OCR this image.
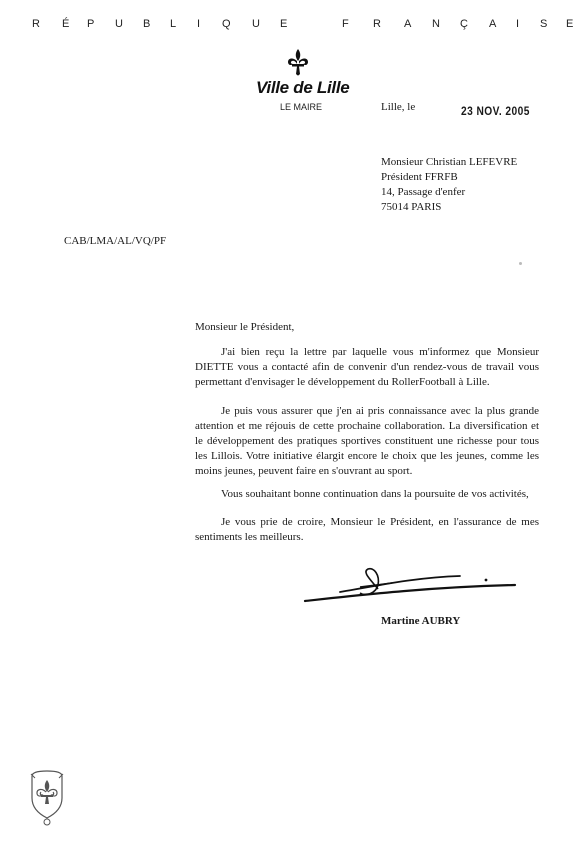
R É P U B L I Q U E	F R A N Ç A I S E
Ville de Lille
LE MAIRE	Lille, le	23 NOV. 2005
Monsieur Christian LEFEVRE
Président FFRFB
14, Passage d'enfer
75014 PARIS
CAB/LMA/AL/VQ/PF
Monsieur le Président,
J'ai bien reçu la lettre par laquelle vous m'informez que Monsieur DIETTE vous a contacté afin de convenir d'un rendez-vous de travail vous permettant d'envisager le développement du RollerFootball à Lille.
Je puis vous assurer que j'en ai pris connaissance avec la plus grande attention et me réjouis de cette prochaine collaboration. La diversification et le développement des pratiques sportives constituent une richesse pour tous les Lillois. Votre initiative élargit encore le choix que les jeunes, comme les moins jeunes, peuvent faire en s'ouvrant au sport.
Vous souhaitant bonne continuation dans la poursuite de vos activités,
Je vous prie de croire, Monsieur le Président, en l'assurance de mes sentiments les meilleurs.
Martine AUBRY
